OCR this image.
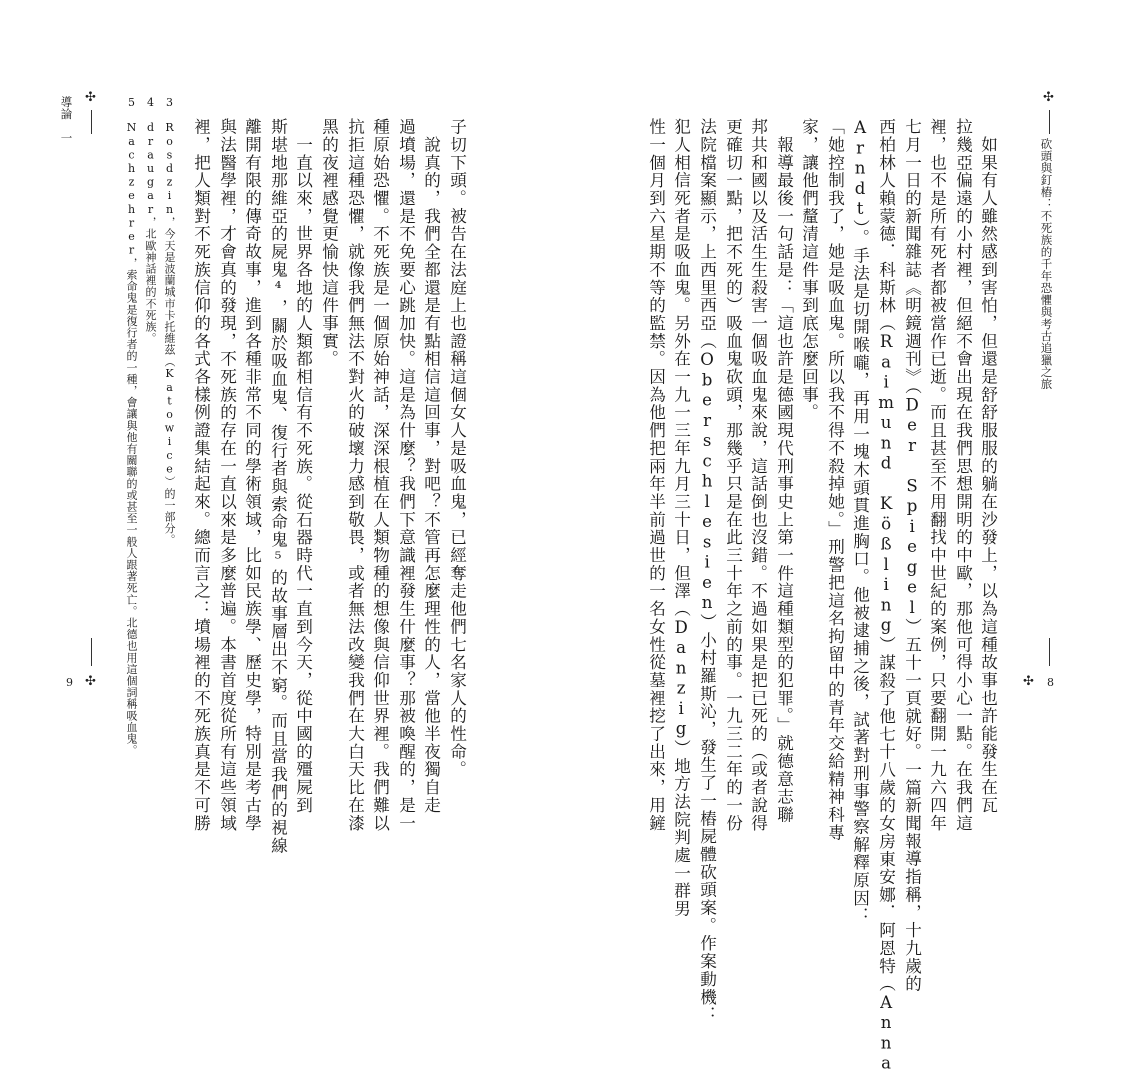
✣
砍頭與釘樁：不死族的千年恐懼與考古追獵之旅
✣ 8
　如果有人雖然感到害怕，但還是舒舒服服的躺在沙發上，以為這種故事也許能發生在瓦
拉幾亞偏遠的小村裡，但絕不會出現在我們思想開明的中歐，那他可得小心一點。在我們這
裡，也不是所有死者都被當作已逝。而且甚至不用翻找中世紀的案例，只要翻開一九六四年
七月一日的新聞雜誌《明鏡週刊》（Der Spiegel）五十一頁就好。一篇新聞報導指稱，十九歲的
西柏林人賴蒙德．科斯林（Raimund Kößling）謀殺了他七十八歲的女房東安娜．阿恩特（Anna
Arndt）。手法是切開喉嚨，再用一塊木頭貫進胸口。他被逮捕之後，試著對刑事警察解釋原因：
「她控制我了，她是吸血鬼。所以我不得不殺掉她。」刑警把這名拘留中的青年交給精神科專
家，讓他們釐清這件事到底怎麼回事。
　報導最後一句話是：「這也許是德國現代刑事史上第一件這種類型的犯罪。」就德意志聯
邦共和國以及活生生殺害一個吸血鬼來說，這話倒也沒錯。不過如果是把已死的（或者說得
更確切一點，把不死的）吸血鬼砍頭，那幾乎只是在此三十年之前的事。一九三二年的一份
法院檔案顯示，上西里西亞（Oberschlesien）小村羅斯沁，發生了一樁屍體砍頭案。作案動機：
犯人相信死者是吸血鬼。另外在一九一三年九月三十日，但澤（Danzig）地方法院判處一群男
性一個月到六星期不等的監禁。因為他們把兩年半前過世的一名女性從墓裡挖了出來，用鏟
子切下頭。被告在法庭上也證稱這個女人是吸血鬼，已經奪走他們七名家人的性命。
　說真的，我們全都還是有點相信這回事，對吧？不管再怎麼理性的人，當他半夜獨自走
過墳場，還是不免要心跳加快。這是為什麼？我們下意識裡發生什麼事？那被喚醒的，是一
種原始恐懼。不死族是一個原始神話，深深根植在人類物種的想像與信仰世界裡。我們難以
抗拒這種恐懼，就像我們無法不對火的破壞力感到敬畏，或者無法改變我們在大白天比在漆
黑的夜裡感覺更愉快這件事實。
　一直以來，世界各地的人類都相信有不死族。從石器時代一直到今天，從中國的殭屍到
斯堪地那維亞的屍鬼⁴，關於吸血鬼、復行者與索命鬼⁵的故事層出不窮。而且當我們的視線
離開有限的傳奇故事，進到各種非常不同的學術領域，比如民族學、歷史學，特別是考古學
與法醫學裡，才會真的發現，不死族的存在一直以來是多麼普遍。本書首度從所有這些領域
裡，把人類對不死族信仰的各式各樣例證集結起來。總而言之：墳場裡的不死族真是不可勝
3　Rosdzin，今天是波蘭城市卡托維茲（Katowice）的一部分。
4　draugar，北歐神話裡的不死族。
5　Nachzehrer，索命鬼是復行者的一種，會讓與他有關聯的或甚至一般人跟著死亡。北德也用這個詞稱吸血鬼。
✣
導論　一
9 ✣
